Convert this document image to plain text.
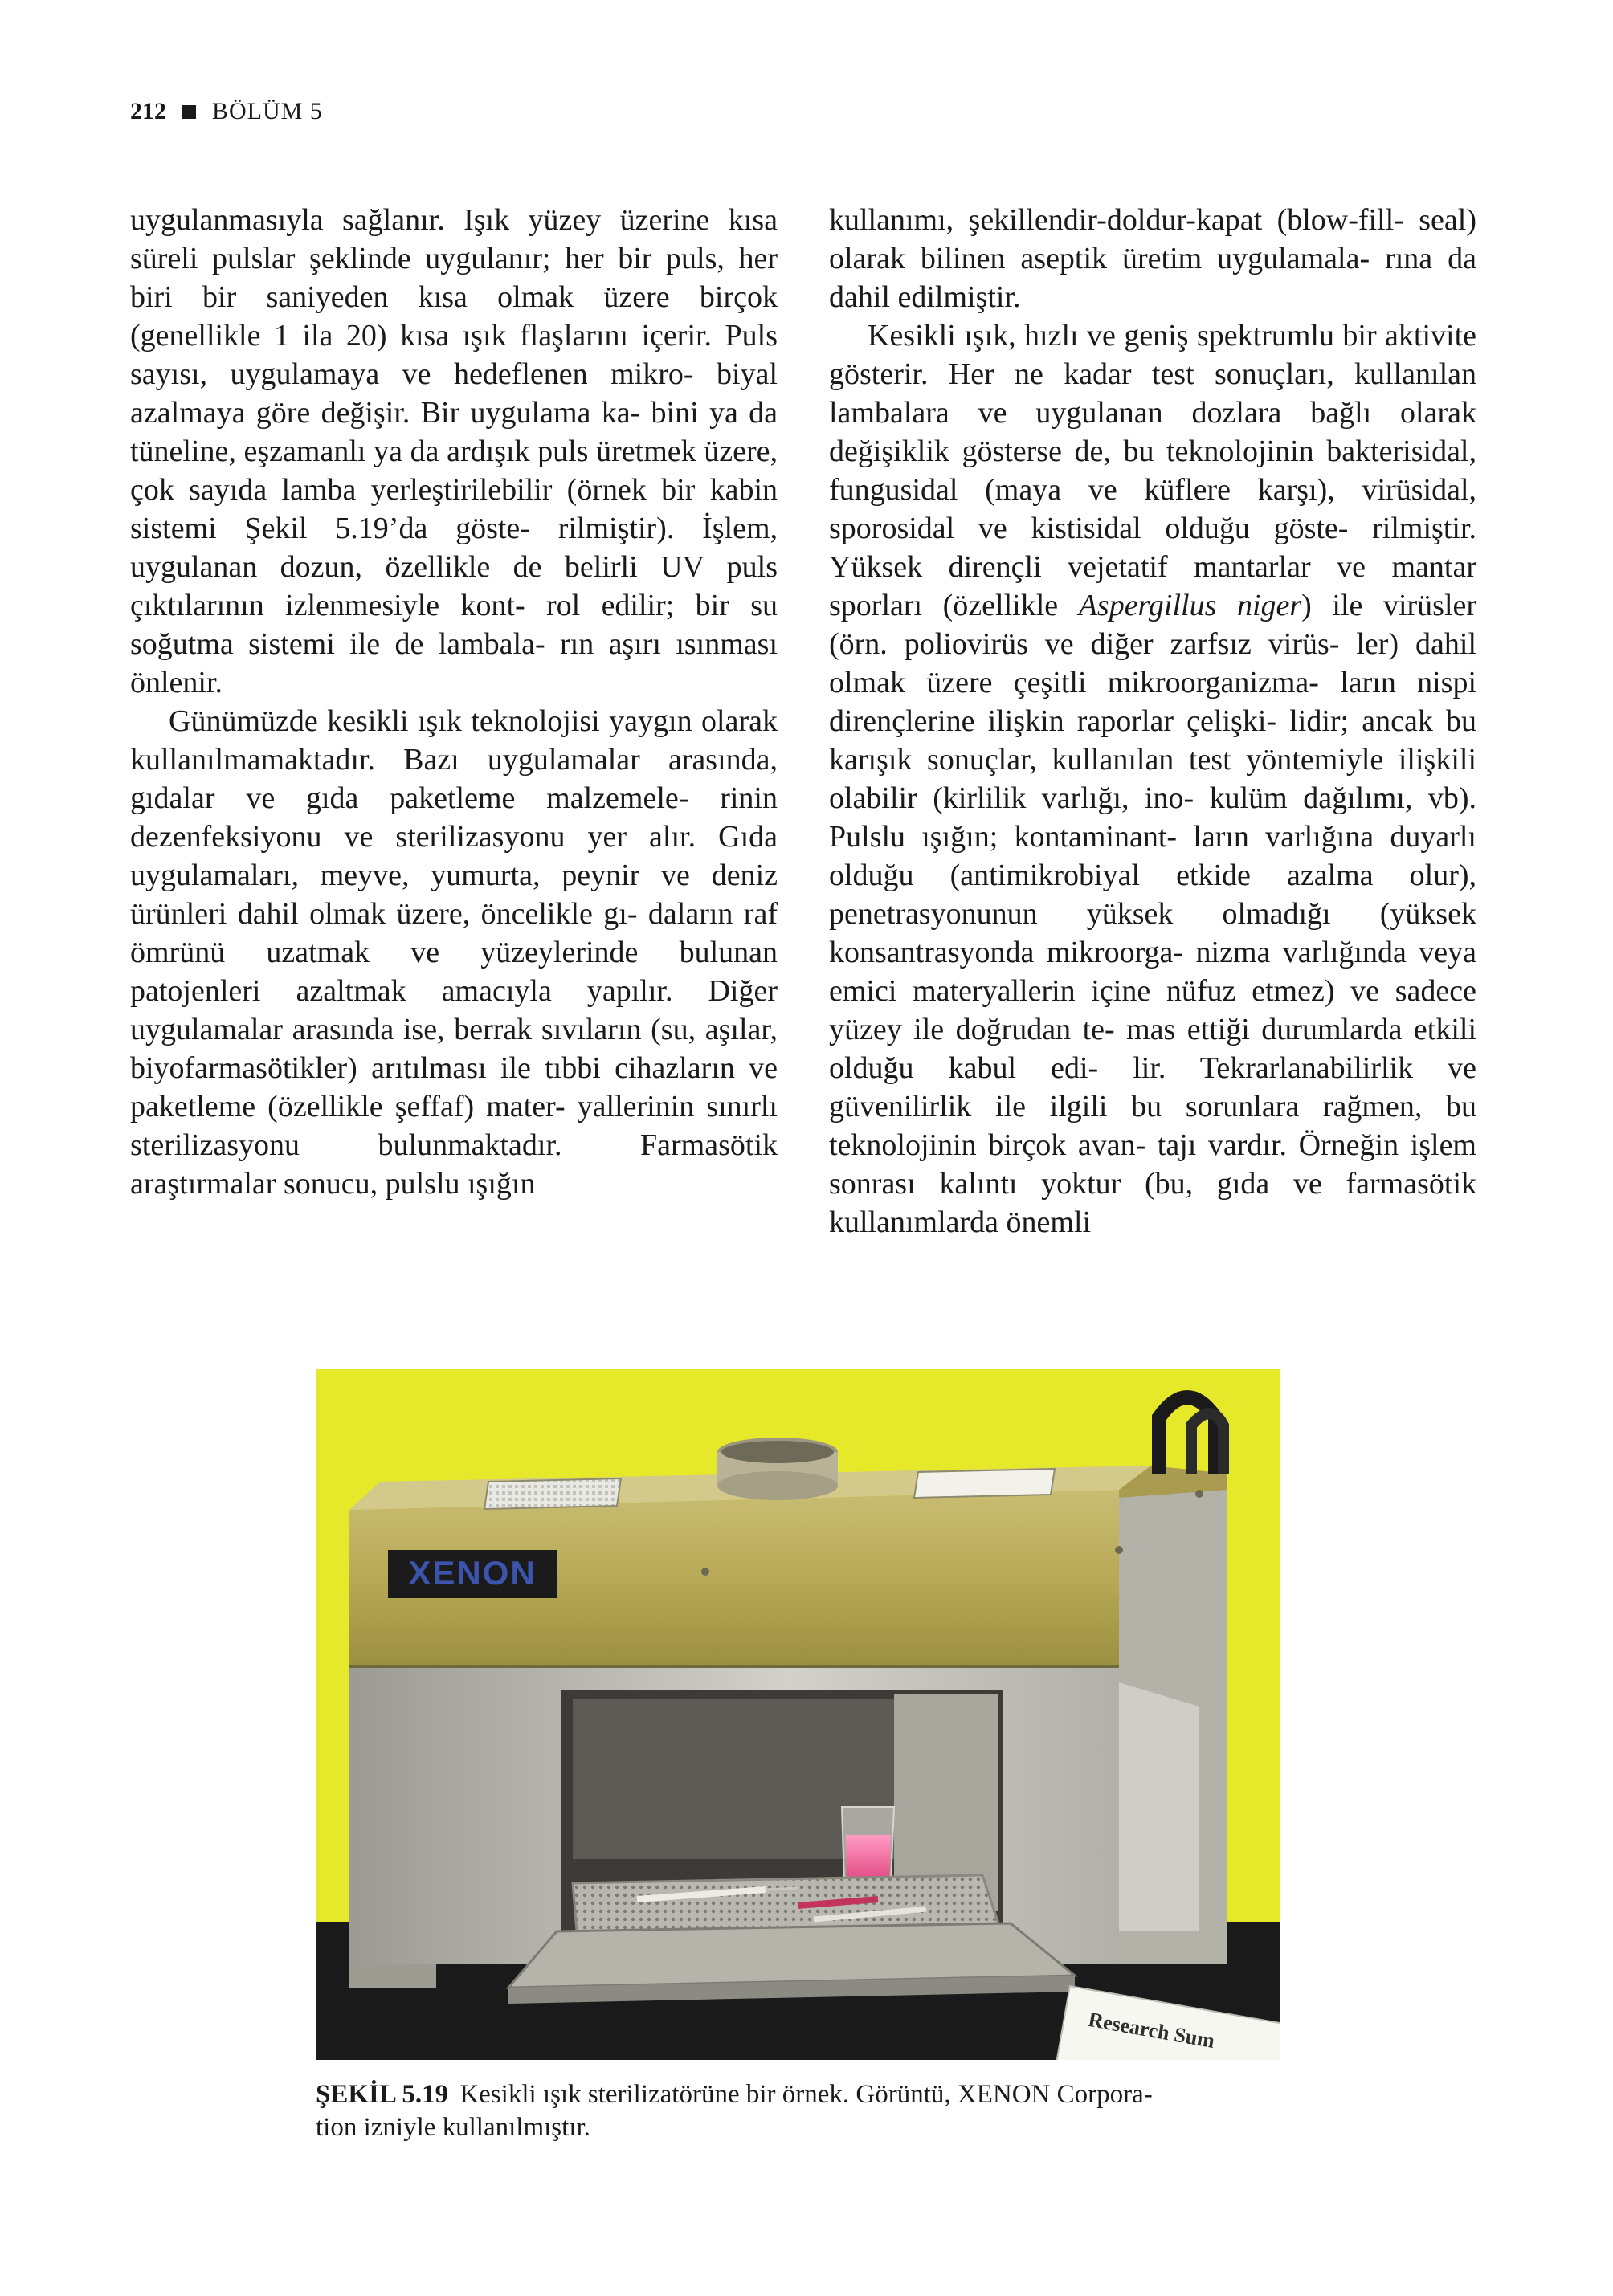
212 BÖLÜM 5

uygulanmasıyla sağlanır. Işık yüzey üzerine kısa süreli pulslar şeklinde uygulanır; her bir puls, her biri bir saniyeden kısa olmak üzere birçok (genellikle 1 ila 20) kısa ışık flaşlarını içerir. Puls sayısı, uygulamaya ve hedeflenen mikro- biyal azalmaya göre değişir. Bir uygulama ka- bini ya da tüneline, eşzamanlı ya da ardışık puls üretmek üzere, çok sayıda lamba yerleştirilebilir (örnek bir kabin sistemi Şekil 5.19’da göste- rilmiştir). İşlem, uygulanan dozun, özellikle de belirli UV puls çıktılarının izlenmesiyle kont- rol edilir; bir su soğutma sistemi ile de lambala- rın aşırı ısınması önlenir.

Günümüzde kesikli ışık teknolojisi yaygın olarak kullanılmamaktadır. Bazı uygulamalar arasında, gıdalar ve gıda paketleme malzemele- rinin dezenfeksiyonu ve sterilizasyonu yer alır. Gıda uygulamaları, meyve, yumurta, peynir ve deniz ürünleri dahil olmak üzere, öncelikle gı- daların raf ömrünü uzatmak ve yüzeylerinde bulunan patojenleri azaltmak amacıyla yapılır. Diğer uygulamalar arasında ise, berrak sıvıların (su, aşılar, biyofarmasötikler) arıtılması ile tıbbi cihazların ve paketleme (özellikle şeffaf) mater- yallerinin sınırlı sterilizasyonu bulunmaktadır.	Farmasötik araştırmalar sonucu, pulslu ışığın

kullanımı, şekillendir-doldur-kapat (blow-fill- seal) olarak bilinen aseptik üretim uygulamala- rına da dahil edilmiştir.

Kesikli ışık, hızlı ve geniş spektrumlu bir aktivite gösterir. Her ne kadar test sonuçları, kullanılan lambalara ve uygulanan dozlara bağlı olarak değişiklik gösterse de, bu teknolojinin bakterisidal, fungusidal (maya ve küflere karşı), virüsidal, sporosidal ve kistisidal olduğu göste- rilmiştir. Yüksek dirençli vejetatif mantarlar ve mantar sporları (özellikle Aspergillus niger) ile virüsler (örn. poliovirüs ve diğer zarfsız virüs- ler) dahil olmak üzere çeşitli mikroorganizma- ların nispi dirençlerine ilişkin raporlar çelişki- lidir; ancak bu karışık sonuçlar, kullanılan test yöntemiyle ilişkili olabilir (kirlilik varlığı, ino- kulüm dağılımı, vb). Pulslu ışığın; kontaminant- ların varlığına duyarlı olduğu (antimikrobiyal etkide azalma olur), penetrasyonunun yüksek olmadığı (yüksek konsantrasyonda mikroorga- nizma varlığında veya emici materyallerin içine nüfuz etmez) ve sadece yüzey ile doğrudan te- mas ettiği durumlarda etkili olduğu kabul edi- lir. Tekrarlanabilirlik ve güvenilirlik ile ilgili bu sorunlara rağmen, bu teknolojinin birçok avan- tajı vardır. Örneğin işlem sonrası kalıntı yoktur (bu, gıda ve farmasötik kullanımlarda önemli

XENON
Research Sum
ŞEKİL 5.19 Kesikli ışık sterilizatörüne bir örnek. Görüntü, XENON Corpora-
tion izniyle kullanılmıştır.
